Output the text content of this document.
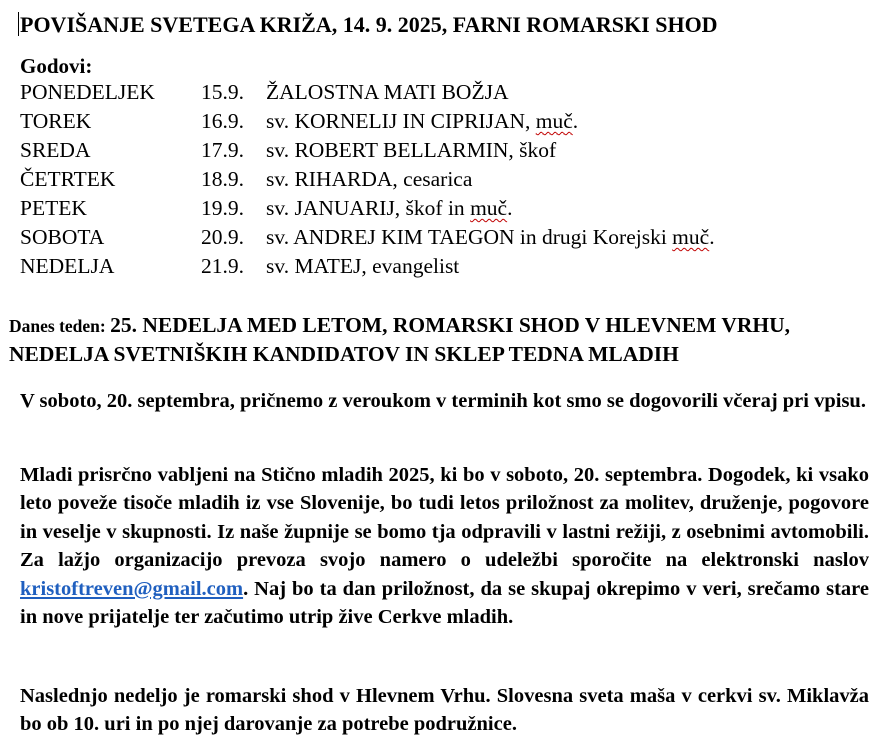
POVIŠANJE SVETEGA KRIŽA, 14. 9. 2025, FARNI ROMARSKI SHOD

Godovi:

PONEDELJEK 15.9. ŽALOSTNA MATI BOŽJA
TOREK	16.9. sv. KORNELIJ IN CIPRIJAN, muč.
SREDA	17.9. sv. ROBERT BELLARMIN, škof
ČETRTEK	18.9. sv. RIHARDA, cesarica
PETEK	19.9. sv. JANUARIJ, škof in muč.
SOBOTA	20.9. sv. ANDREJ KIM TAEGON in drugi Korejski muč.
NEDELJA	21.9. sv. MATEJ, evangelist
Danes teden: 25. NEDELJA MED LETOM, ROMARSKI SHOD V HLEVNEM VRHU, NEDELJA SVETNIŠKIH KANDIDATOV IN SKLEP TEDNA MLADIH

V soboto, 20. septembra, pričnemo z veroukom v terminih kot smo se dogovorili včeraj pri vpisu.

Mladi prisrčno vabljeni na Stično mladih 2025, ki bo v soboto, 20. septembra. Dogodek, ki vsako leto poveže tisoče mladih iz vse Slovenije, bo tudi letos priložnost za molitev, druženje, pogovore in veselje v skupnosti. Iz naše župnije se bomo tja odpravili v lastni režiji, z osebnimi avtomobili. Za lažjo organizacijo prevoza svojo namero o udeležbi sporočite na elektronski naslov kristoftreven@gmail.com. Naj bo ta dan priložnost, da se skupaj okrepimo v veri, srečamo stare in nove prijatelje ter začutimo utrip žive Cerkve mladih.

Naslednjo nedeljo je romarski shod v Hlevnem Vrhu. Slovesna sveta maša v cerkvi sv. Miklavža bo ob 10. uri in po njej darovanje za potrebe podružnice.
